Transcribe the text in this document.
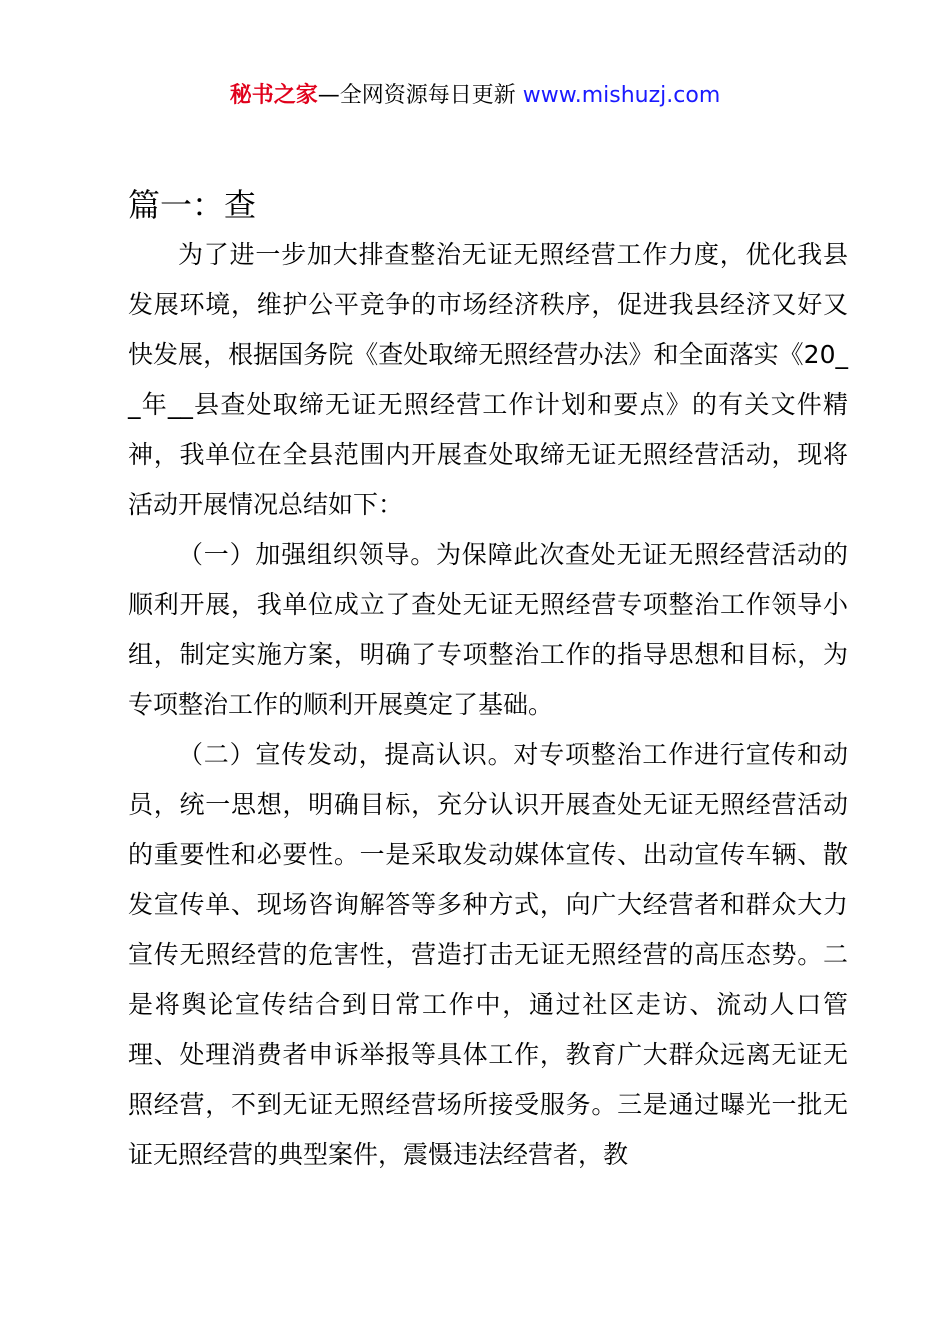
秘书之家—全网资源每日更新 www.mishuzj.com
篇一：查

为了进一步加大排查整治无证无照经营工作力度，优化我县发展环境，维护公平竞争的市场经济秩序，促进我县经济又好又快发展，根据国务院《查处取缔无照经营办法》和全面落实《20__年__县查处取缔无证无照经营工作计划和要点》的有关文件精神，我单位在全县范围内开展查处取缔无证无照经营活动，现将活动开展情况总结如下：

（一）加强组织领导。为保障此次查处无证无照经营活动的顺利开展，我单位成立了查处无证无照经营专项整治工作领导小组，制定实施方案，明确了专项整治工作的指导思想和目标，为专项整治工作的顺利开展奠定了基础。

（二）宣传发动，提高认识。对专项整治工作进行宣传和动员，统一思想，明确目标，充分认识开展查处无证无照经营活动的重要性和必要性。一是采取发动媒体宣传、出动宣传车辆、散发宣传单、现场咨询解答等多种方式，向广大经营者和群众大力宣传无照经营的危害性，营造打击无证无照经营的高压态势。二是将舆论宣传结合到日常工作中，通过社区走访、流动人口管理、处理消费者申诉举报等具体工作，教育广大群众远离无证无照经营，不到无证无照经营场所接受服务。三是通过曝光一批无证无照经营的典型案件，震慑违法经营者，教
